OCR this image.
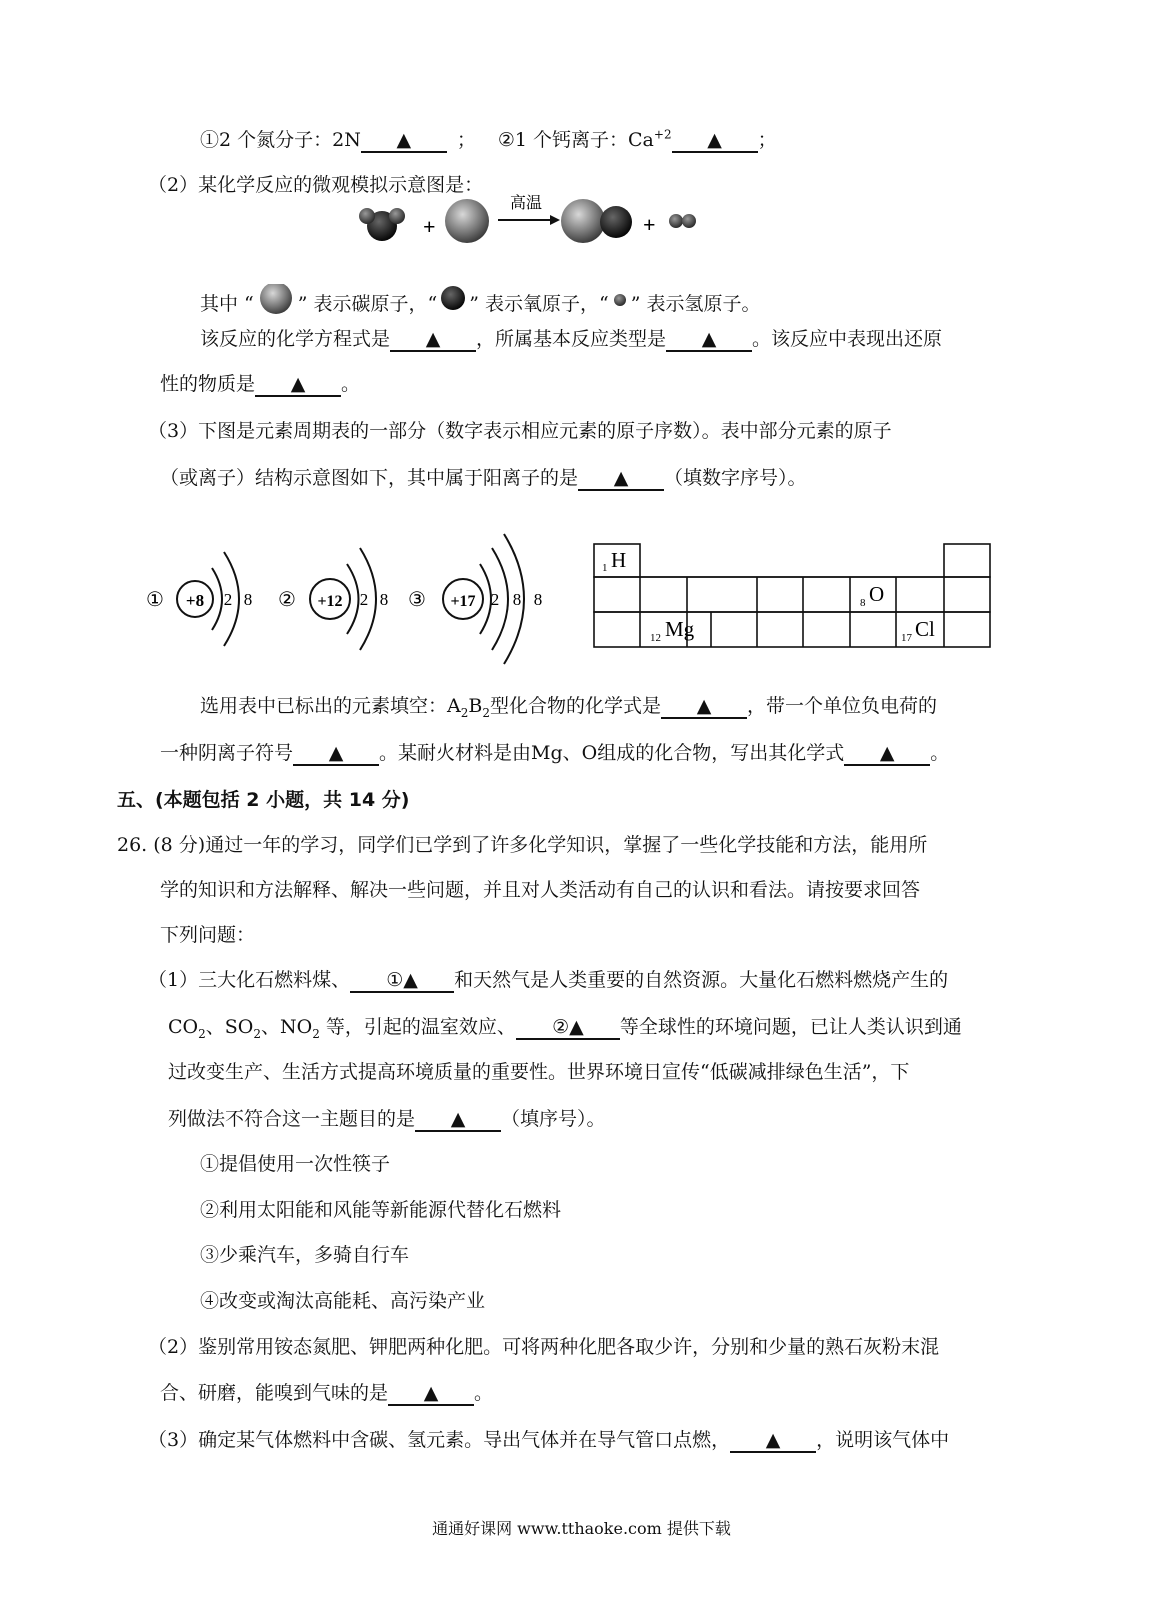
①2 个氮分子：2N ▲ ； ②1 个钙离子：$Ca^{+2}$ ▲ ；
（2）某化学反应的微观模拟示意图是：
+
高温
+
其中 “ ” 表示碳原子，“ ” 表示氧原子，“ ” 表示氢原子。
该反应的化学方程式是 ▲ ，所属基本反应类型是 ▲ 。该反应中表现出还原
性的物质是 ▲ 。
（3）下图是元素周期表的一部分（数字表示相应元素的原子序数）。表中部分元素的原子
（或离子）结构示意图如下，其中属于阳离子的是 ▲ （填数字序号）。
① +8 2 8 ② +12 2 8 ③ +17 2 8 8
1 H
8 O
12 Mg	17 Cl
选用表中已标出的元素填空：$A_2B_2$型化合物的化学式是 ▲ ，带一个单位负电荷的
一种阴离子符号 ▲ 。某耐火材料是由Mg、O组成的化合物，写出其化学式 ▲ 。
五、(本题包括 2 小题，共 14 分)
26. (8 分)通过一年的学习，同学们已学到了许多化学知识，掌握了一些化学技能和方法，能用所
学的知识和方法解释、解决一些问题，并且对人类活动有自己的认识和看法。请按要求回答
下列问题：
（1）三大化石燃料煤、 ①▲ 和天然气是人类重要的自然资源。大量化石燃料燃烧产生的
$CO_2$、$SO_2$、$NO_2$ 等，引起的温室效应、 ②▲ 等全球性的环境问题，已让人类认识到通
过改变生产、生活方式提高环境质量的重要性。世界环境日宣传“低碳减排绿色生活”，下
列做法不符合这一主题目的是 ▲ （填序号）。
①提倡使用一次性筷子
②利用太阳能和风能等新能源代替化石燃料
③少乘汽车，多骑自行车
④改变或淘汰高能耗、高污染产业
（2）鉴别常用铵态氮肥、钾肥两种化肥。可将两种化肥各取少许，分别和少量的熟石灰粉末混
合、研磨，能嗅到气味的是 ▲ 。
（3）确定某气体燃料中含碳、氢元素。导出气体并在导气管口点燃， ▲ ，说明该气体中
通通好课网 www.tthaoke.com 提供下载
